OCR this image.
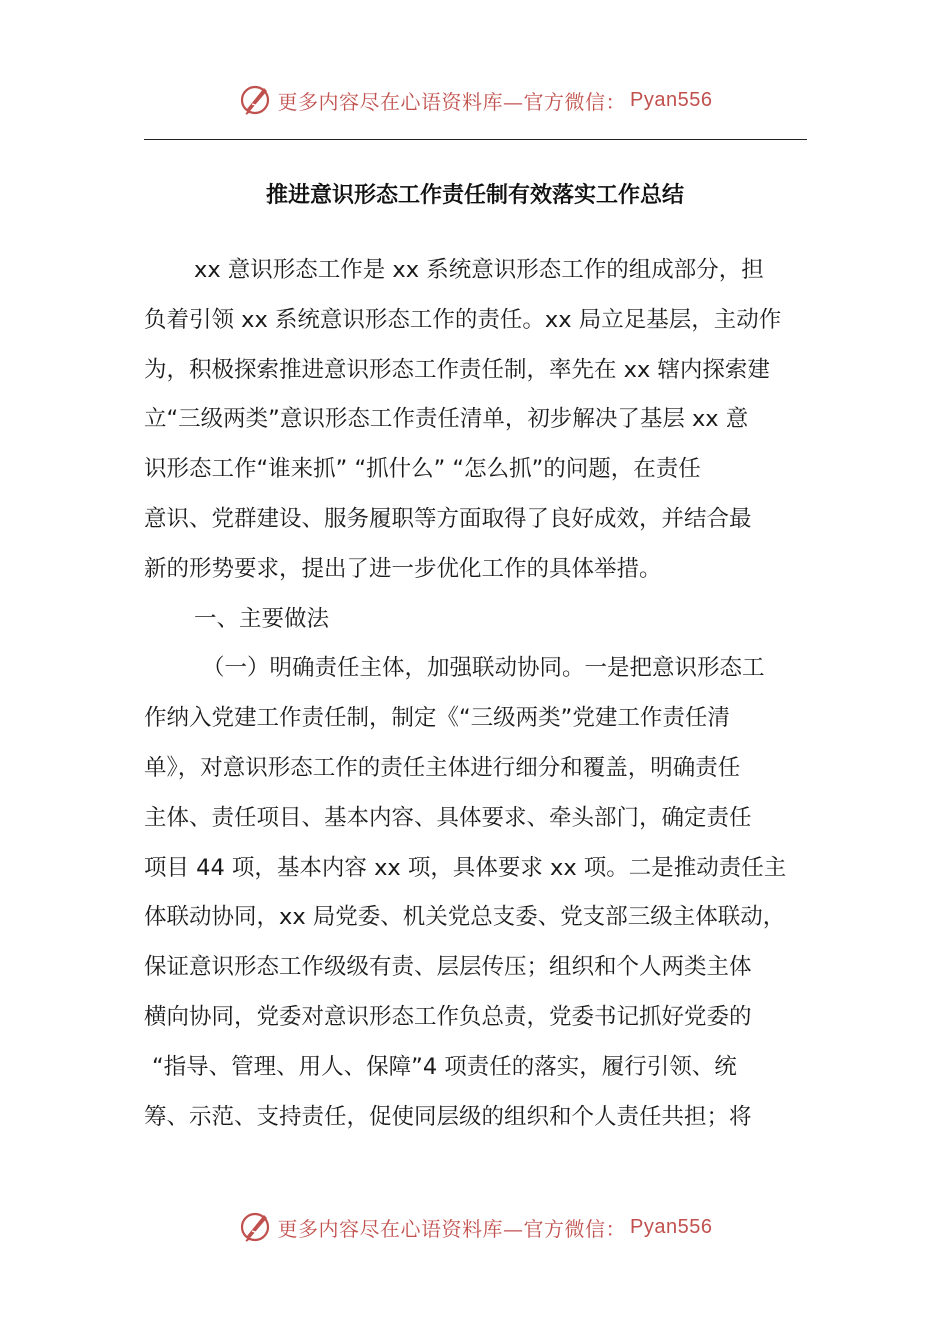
更多内容尽在心语资料库—官方微信： Pyan556
推进意识形态工作责任制有效落实工作总结
xx 意识形态工作是 xx 系统意识形态工作的组成部分，担
负着引领 xx 系统意识形态工作的责任。xx 局立足基层，主动作
为，积极探索推进意识形态工作责任制，率先在 xx 辖内探索建
立“三级两类”意识形态工作责任清单，初步解决了基层 xx 意
识形态工作“谁来抓” “抓什么” “怎么抓”的问题，在责任
意识、党群建设、服务履职等方面取得了良好成效，并结合最
新的形势要求，提出了进一步优化工作的具体举措。
一、主要做法
（一）明确责任主体，加强联动协同。一是把意识形态工
作纳入党建工作责任制，制定《“三级两类”党建工作责任清
单》，对意识形态工作的责任主体进行细分和覆盖，明确责任
主体、责任项目、基本内容、具体要求、牵头部门，确定责任
项目 44 项，基本内容 xx 项，具体要求 xx 项。二是推动责任主
体联动协同，xx 局党委、机关党总支委、党支部三级主体联动，
保证意识形态工作级级有责、层层传压；组织和个人两类主体
横向协同，党委对意识形态工作负总责，党委书记抓好党委的
“指导、管理、用人、保障”4 项责任的落实，履行引领、统
筹、示范、支持责任，促使同层级的组织和个人责任共担；将
更多内容尽在心语资料库—官方微信： Pyan556
